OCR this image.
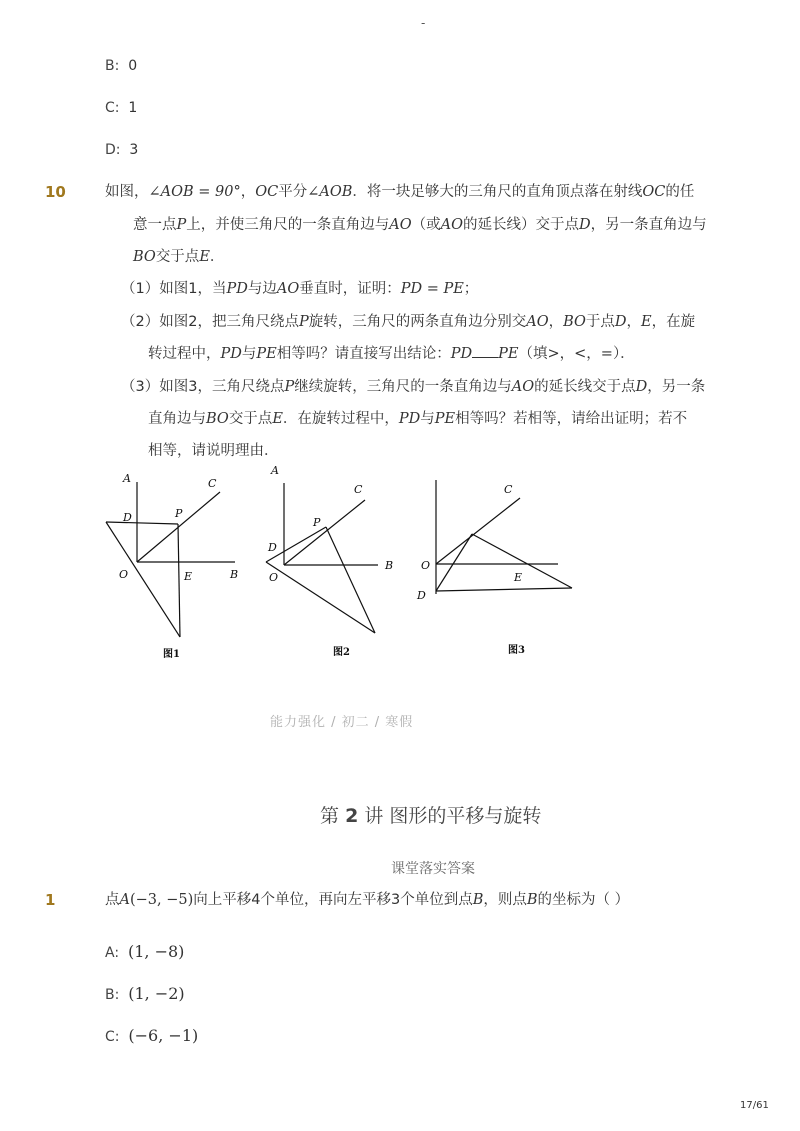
-
B: 0
C: 1
D: 3
10	如图，∠AOB = 90°，OC平分∠AOB．将一块足够大的三角尺的直角顶点落在射线OC的任
意一点P上，并使三角尺的一条直角边与AO（或AO的延长线）交于点D，另一条直角边与
BO交于点E．
（1）如图1，当PD与边AO垂直时，证明：PD = PE；
（2）如图2，把三角尺绕点P旋转，三角尺的两条直角边分别交AO，BO于点D，E，在旋
转过程中，PD与PE相等吗？请直接写出结论：PD PE（填>，<，=）．
（3）如图3，三角尺绕点P继续旋转，三角尺的一条直角边与AO的延长线交于点D，另一条
直角边与BO交于点E．在旋转过程中，PD与PE相等吗？若相等，请给出证明；若不
相等，请说明理由．
A	C
D	P
O	E	B
图1
A
C
P
D
O
B
图2
C
O
E
D
图3
能力强化 / 初二 / 寒假
第 2 讲 图形的平移与旋转
课堂落实答案
1	点A(−3, −5)向上平移4个单位，再向左平移3个单位到点B，则点B的坐标为（ ）
A: (1, −8)
B: (1, −2)
C: (−6, −1)
17/61
